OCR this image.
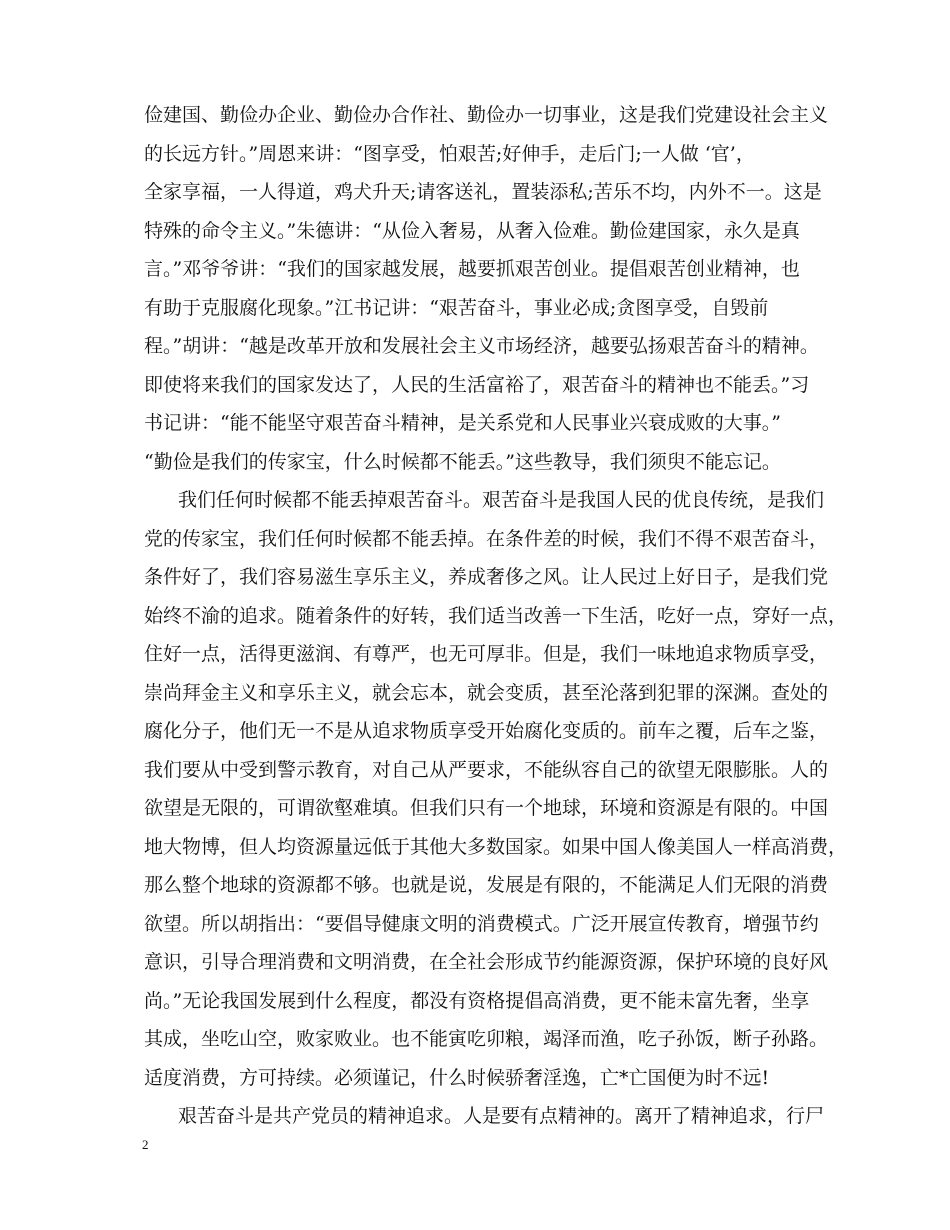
俭建国、勤俭办企业、勤俭办合作社、勤俭办一切事业，这是我们党建设社会主义
的长远方针。”周恩来讲：“图享受，怕艰苦;好伸手，走后门;一人做 ‘官’，
全家享福，一人得道，鸡犬升天;请客送礼，置装添私;苦乐不均，内外不一。这是
特殊的命令主义。”朱德讲：“从俭入奢易，从奢入俭难。勤俭建国家，永久是真
言。”邓爷爷讲：“我们的国家越发展，越要抓艰苦创业。提倡艰苦创业精神，也
有助于克服腐化现象。”江书记讲：“艰苦奋斗，事业必成;贪图享受，自毁前
程。”胡讲：“越是改革开放和发展社会主义市场经济，越要弘扬艰苦奋斗的精神。
即使将来我们的国家发达了，人民的生活富裕了，艰苦奋斗的精神也不能丢。”习
书记讲：“能不能坚守艰苦奋斗精神，是关系党和人民事业兴衰成败的大事。”
“勤俭是我们的传家宝，什么时候都不能丢。”这些教导，我们须臾不能忘记。
我们任何时候都不能丢掉艰苦奋斗。艰苦奋斗是我国人民的优良传统，是我们
党的传家宝，我们任何时候都不能丢掉。在条件差的时候，我们不得不艰苦奋斗，
条件好了，我们容易滋生享乐主义，养成奢侈之风。让人民过上好日子，是我们党
始终不渝的追求。随着条件的好转，我们适当改善一下生活，吃好一点，穿好一点，
住好一点，活得更滋润、有尊严，也无可厚非。但是，我们一味地追求物质享受，
崇尚拜金主义和享乐主义，就会忘本，就会变质，甚至沦落到犯罪的深渊。查处的
腐化分子，他们无一不是从追求物质享受开始腐化变质的。前车之覆，后车之鉴，
我们要从中受到警示教育，对自己从严要求，不能纵容自己的欲望无限膨胀。人的
欲望是无限的，可谓欲壑难填。但我们只有一个地球，环境和资源是有限的。中国
地大物博，但人均资源量远低于其他大多数国家。如果中国人像美国人一样高消费，
那么整个地球的资源都不够。也就是说，发展是有限的，不能满足人们无限的消费
欲望。所以胡指出：“要倡导健康文明的消费模式。广泛开展宣传教育，增强节约
意识，引导合理消费和文明消费，在全社会形成节约能源资源，保护环境的良好风
尚。”无论我国发展到什么程度，都没有资格提倡高消费，更不能未富先奢，坐享
其成，坐吃山空，败家败业。也不能寅吃卯粮，竭泽而渔，吃子孙饭，断子孙路。
适度消费，方可持续。必须谨记，什么时候骄奢淫逸，亡*亡国便为时不远!
艰苦奋斗是共产党员的精神追求。人是要有点精神的。离开了精神追求，行尸
2
